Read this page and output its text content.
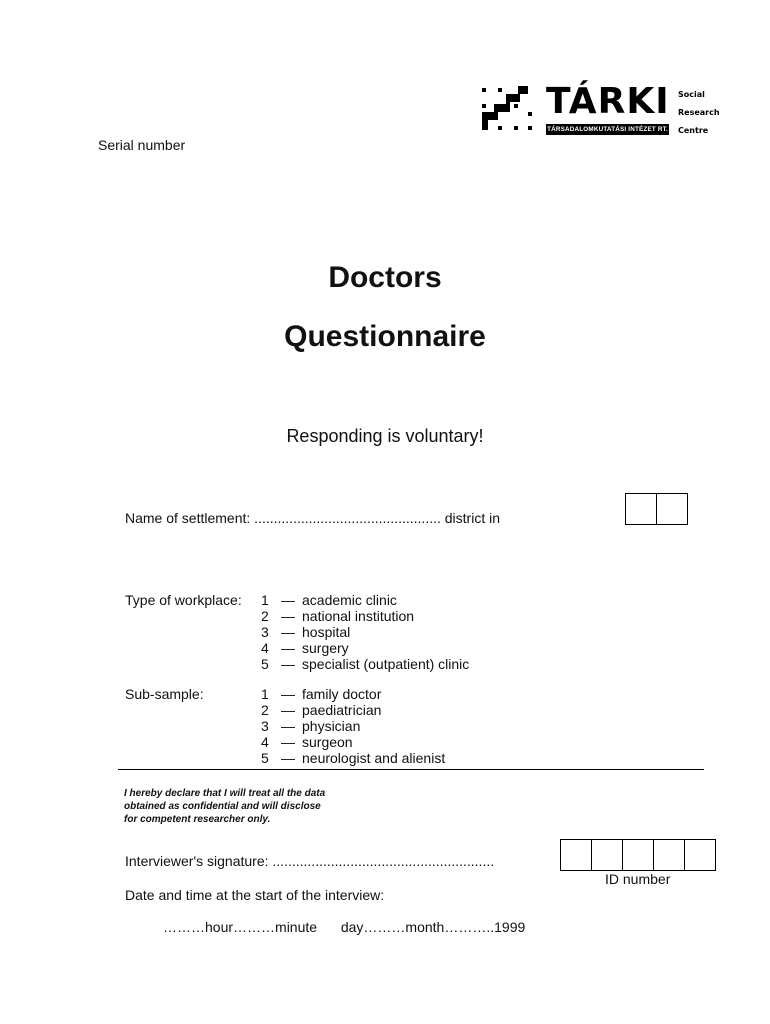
TÁRKI
TÁRSADALOMKUTATÁSI INTÉZET RT.
Social
Research
Centre
Serial number
Doctors
Questionnaire
Responding is voluntary!
Name of settlement: ................................................ district in
Type of workplace: 1 — academic clinic
2 — national institution
3 — hospital
4 — surgery
5 — specialist (outpatient) clinic
Sub-sample:	1 — family doctor
2 — paediatrician
3 — physician
4 — surgeon
5 — neurologist and alienist
I hereby declare that I will treat all the data
obtained as confidential and will disclose
for competent researcher only.
Interviewer's signature: .........................................................
ID number
Date and time at the start of the interview:
………hour………minute day………month………..1999
